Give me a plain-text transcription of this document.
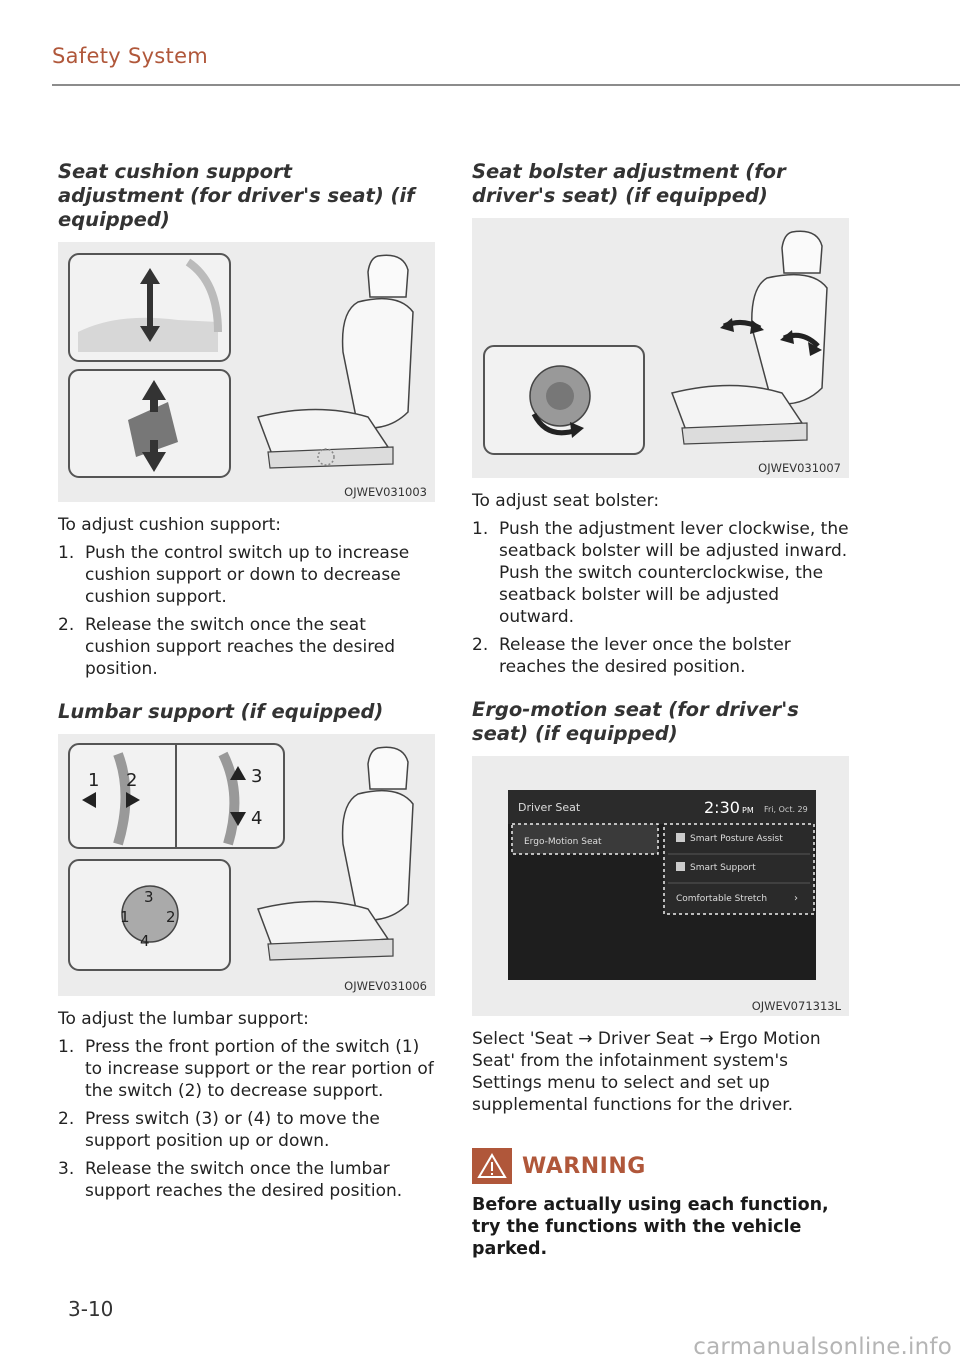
Safety System
Seat cushion support adjustment (for driver's seat) (if equipped)
OJWEV031003

To adjust cushion support:

1. Push the control switch up to increase cushion support or down to decrease cushion support.
2. Release the switch once the seat cushion support reaches the desired position.
Lumbar support (if equipped)
1 2	3
4
3
1 2
4
OJWEV031006

To adjust the lumbar support:

1. Press the front portion of the switch (1) to increase support or the rear portion of the switch (2) to decrease support.
2. Press switch (3) or (4) to move the support position up or down.
3. Release the switch once the lumbar support reaches the desired position.
Seat bolster adjustment (for driver's seat) (if equipped)
OJWEV031007

To adjust seat bolster:

1. Push the adjustment lever clockwise, the seatback bolster will be adjusted inward. Push the switch counterclockwise, the seatback bolster will be adjusted outward.
2. Release the lever once the bolster reaches the desired position.
Ergo-motion seat (for driver's seat) (if equipped)
Driver Seat	2:30 PM Fri, Oct. 29
Ergo-Motion Seat	Smart Posture Assist
Smart Support
Comfortable Stretch	›
OJWEV071313L

Select 'Seat → Driver Seat → Ergo Motion Seat' from the infotainment system's Settings menu to select and set up supplemental functions for the driver.

WARNING

Before actually using each function, try the functions with the vehicle parked.

3-10
carmanualsonline.info
